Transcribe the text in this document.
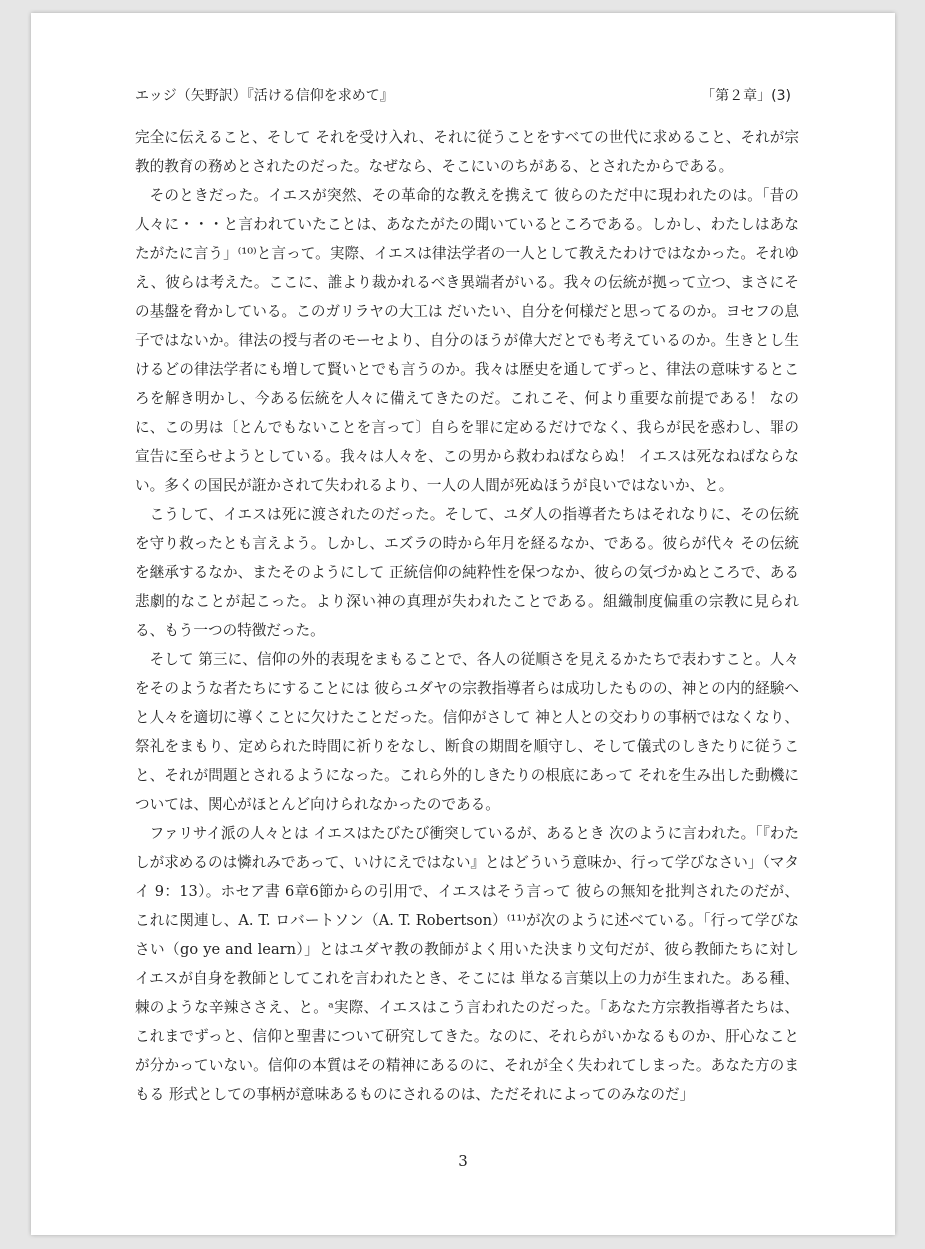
エッジ（矢野訳）『活ける信仰を求めて』	「第２章」(3)

完全に伝えること、そして それを受け入れ、それに従うことをすべての世代に求めること、それが宗教的教育の務めとされたのだった。なぜなら、そこにいのちがある、とされたからである。

そのときだった。イエスが突然、その革命的な教えを携えて 彼らのただ中に現われたのは。「昔の人々に・・・と言われていたことは、あなたがたの聞いているところである。しかし、わたしはあなたがたに言う」⁽¹⁰⁾と言って。実際、イエスは律法学者の一人として教えたわけではなかった。それゆえ、彼らは考えた。ここに、誰より裁かれるべき異端者がいる。我々の伝統が拠って立つ、まさにその基盤を脅かしている。このガリラヤの大工は だいたい、自分を何様だと思ってるのか。ヨセフの息子ではないか。律法の授与者のモーセより、自分のほうが偉大だとでも考えているのか。生きとし生けるどの律法学者にも増して賢いとでも言うのか。我々は歴史を通してずっと、律法の意味するところを解き明かし、今ある伝統を人々に備えてきたのだ。これこそ、何より重要な前提である！ なのに、この男は〔とんでもないことを言って〕自らを罪に定めるだけでなく、我らが民を惑わし、罪の宣告に至らせようとしている。我々は人々を、この男から救わねばならぬ！ イエスは死なねばならない。多くの国民が誑かされて失われるより、一人の人間が死ぬほうが良いではないか、と。

こうして、イエスは死に渡されたのだった。そして、ユダ人の指導者たちはそれなりに、その伝統を守り救ったとも言えよう。しかし、エズラの時から年月を経るなか、である。彼らが代々 その伝統を継承するなか、またそのようにして 正統信仰の純粋性を保つなか、彼らの気づかぬところで、ある悲劇的なことが起こった。より深い神の真理が失われたことである。組織制度偏重の宗教に見られる、もう一つの特徴だった。

そして 第三に、信仰の外的表現をまもることで、各人の従順さを見えるかたちで表わすこと。人々をそのような者たちにすることには 彼らユダヤの宗教指導者らは成功したものの、神との内的経験へと人々を適切に導くことに欠けたことだった。信仰がさして 神と人との交わりの事柄ではなくなり、祭礼をまもり、定められた時間に祈りをなし、断食の期間を順守し、そして儀式のしきたりに従うこと、それが問題とされるようになった。これら外的しきたりの根底にあって それを生み出した動機については、関心がほとんど向けられなかったのである。

ファリサイ派の人々とは イエスはたびたび衝突しているが、あるとき 次のように言われた。「『わたしが求めるのは憐れみであって、いけにえではない』とはどういう意味か、行って学びなさい」（マタイ 9：13）。ホセア書 6章6節からの引用で、イエスはそう言って 彼らの無知を批判されたのだが、これに関連し、A. T. ロバートソン（A. T. Robertson）⁽¹¹⁾が次のように述べている。「行って学びなさい（go ye and learn）」とはユダヤ教の教師がよく用いた決まり文句だが、彼ら教師たちに対し イエスが自身を教師としてこれを言われたとき、そこには 単なる言葉以上の力が生まれた。ある種、棘のような辛辣ささえ、と。ᵃ実際、イエスはこう言われたのだった。「あなた方宗教指導者たちは、これまでずっと、信仰と聖書について研究してきた。なのに、それらがいかなるものか、肝心なことが分かっていない。信仰の本質はその精神にあるのに、それが全く失われてしまった。あなた方のまもる 形式としての事柄が意味あるものにされるのは、ただそれによってのみなのだ」

3
